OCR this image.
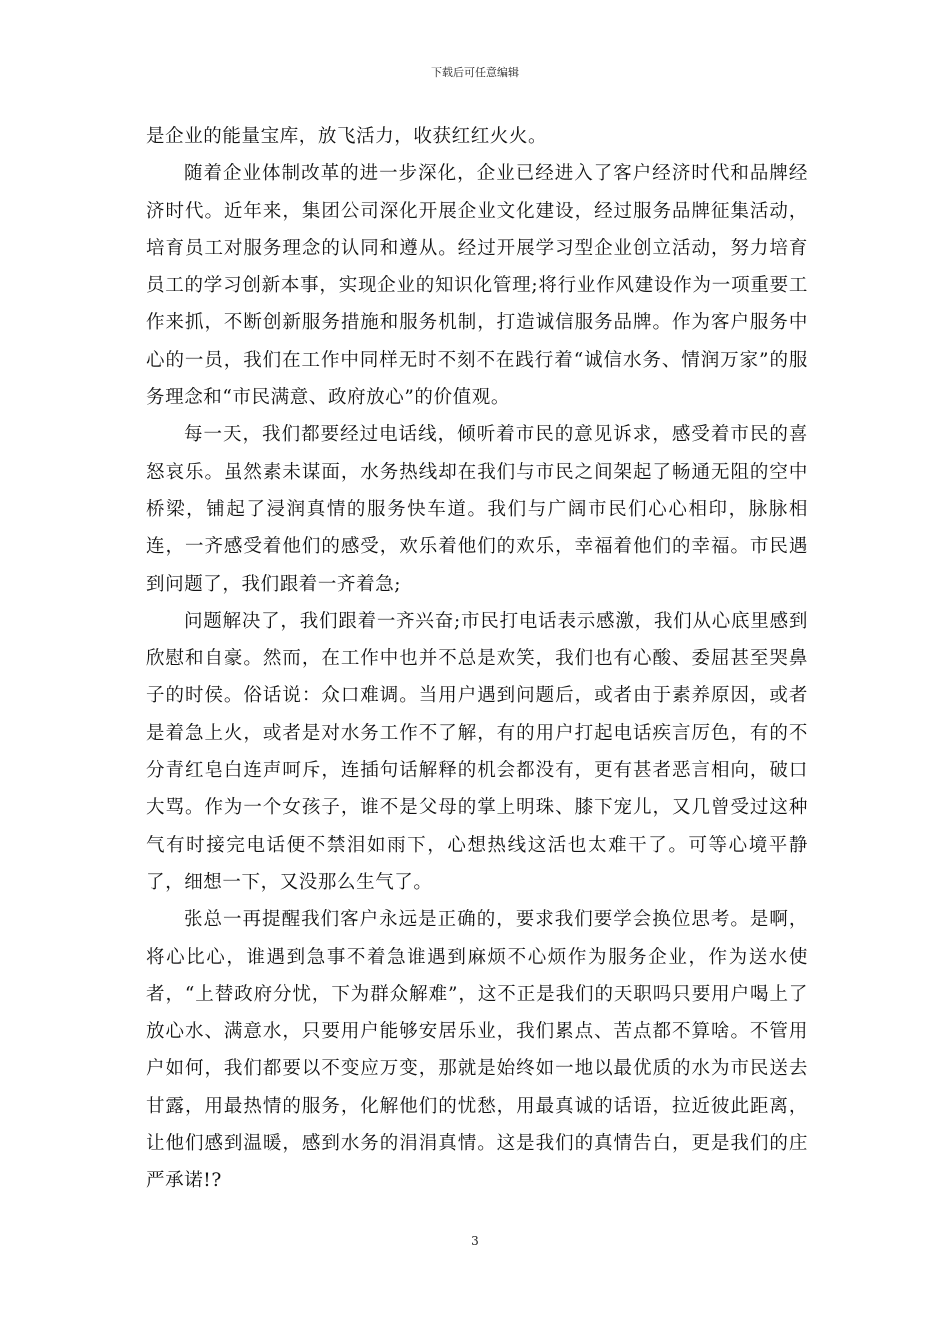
下载后可任意编辑

是企业的能量宝库，放飞活力，收获红红火火。

随着企业体制改革的进一步深化，企业已经进入了客户经济时代和品牌经济时代。近年来，集团公司深化开展企业文化建设，经过服务品牌征集活动，培育员工对服务理念的认同和遵从。经过开展学习型企业创立活动，努力培育员工的学习创新本事，实现企业的知识化管理;将行业作风建设作为一项重要工作来抓，不断创新服务措施和服务机制，打造诚信服务品牌。作为客户服务中心的一员，我们在工作中同样无时不刻不在践行着“诚信水务、情润万家”的服务理念和“市民满意、政府放心”的价值观。

每一天，我们都要经过电话线，倾听着市民的意见诉求，感受着市民的喜怒哀乐。虽然素未谋面，水务热线却在我们与市民之间架起了畅通无阻的空中桥梁，铺起了浸润真情的服务快车道。我们与广阔市民们心心相印，脉脉相连，一齐感受着他们的感受，欢乐着他们的欢乐，幸福着他们的幸福。市民遇到问题了，我们跟着一齐着急;

问题解决了，我们跟着一齐兴奋;市民打电话表示感激，我们从心底里感到欣慰和自豪。然而，在工作中也并不总是欢笑，我们也有心酸、委屈甚至哭鼻子的时侯。俗话说：众口难调。当用户遇到问题后，或者由于素养原因，或者是着急上火，或者是对水务工作不了解，有的用户打起电话疾言厉色，有的不分青红皂白连声呵斥，连插句话解释的机会都没有，更有甚者恶言相向，破口大骂。作为一个女孩子，谁不是父母的掌上明珠、膝下宠儿，又几曾受过这种气有时接完电话便不禁泪如雨下，心想热线这活也太难干了。可等心境平静了，细想一下，又没那么生气了。

张总一再提醒我们客户永远是正确的，要求我们要学会换位思考。是啊，将心比心，谁遇到急事不着急谁遇到麻烦不心烦作为服务企业，作为送水使者，“上替政府分忧，下为群众解难”，这不正是我们的天职吗只要用户喝上了放心水、满意水，只要用户能够安居乐业，我们累点、苦点都不算啥。不管用户如何，我们都要以不变应万变，那就是始终如一地以最优质的水为市民送去甘露，用最热情的服务，化解他们的忧愁，用最真诚的话语，拉近彼此距离，让他们感到温暖，感到水务的涓涓真情。这是我们的真情告白，更是我们的庄严承诺!?

3
